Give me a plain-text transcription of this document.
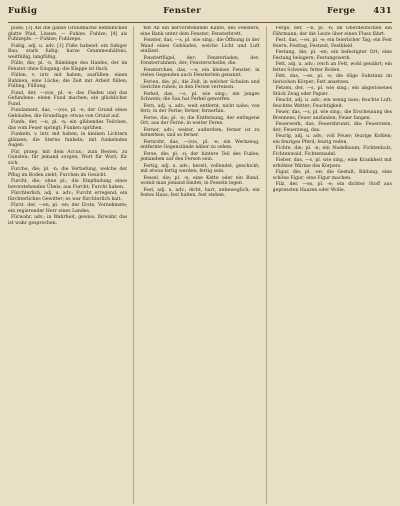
Fußig	Fenster	Ferge 431

pude; [3] Als die ganze Grundfläche befindlichen glatte Pfad, Linsen. — Fuhlze, Fuhlze; [4] als Fuhlzepfe. — Fuhlze; Fuhlzepe.

Fußig, adj. u. adv. [1] Füße habend: ein fußiger Bau; stark fußig; kurze Grammeuhältnis, weitfüßig, langfüßig.

Fülle, die; pl. -n, Rämlinge des Hanfes, der im Fenster ohne Eingang; die Klappe ist flach.

Füllen, v. intr. mit haben; ausfüllen: einen Rahmen, eine Lücke; die Zeit mit Arbeit füllen; Fülling, Füllung.

Fund, der, —(e)s, pl. -e; das Finden und das Gefundene: einen Fund machen; ein glücklicher Fund.

Fundament, das, —(e)s, pl. -e; der Grund eines Gebäudes; die Grundlage; etwas von Grund auf.

Funfe, der, —n, pl. -n; ein glühendes Teilchen, das vom Feuer springt; Funken sprühen.

Funkeln, v. intr. mit haben; in kleinen Lichtern glänzen; die Sterne funkeln; mit funkelnden Augen.

Für, praep. mit dem Accus.; zum Besten, zu Gunsten; für jemand sorgen; Wort für Wort; für sich.

Furche, die; pl. -n; die Vertiefung, welche der Pflug im Boden zieht; Furchen im Gesicht.

Furcht, die; ohne pl.; die Empfindung eines bevorstehenden Übels; aus Furcht; Furcht haben.

Fürchterlich, adj. u. adv.; Furcht erregend; ein fürchterliches Gewitter; es war fürchterlich kalt.

Fürst, der, —en, pl. -en; der Erste, Vornehmste; ein regierender Herr eines Landes.

Fürwahr, adv.; in Wahrheit, gewiss; fürwahr, das ist wahr gesprochen.

feit Ab ein hervorstehende Kante, des Fensters; eine Bank unter dem Fenster; Fensterbrett.

Fenster, das, —s, pl. wie sing.; die Öffnung in der Wand eines Gebäudes, welche Licht und Luft einlässt.

Fensterflügel, der; Fensterladen, der; Fensterrahmen, der; Fensterscheibe, die.

Fensterchen, das, —s; ein kleines Fenster; in vielen Gegenden auch Fensterlein genannt.

Ferien, die; pl.; die Zeit, in welcher Schulen und Gerichte ruhen; in den Ferien verreisen.

Ferkel, das, —s, pl. wie sing.; ein junges Schwein; die Sau hat Ferkel geworfen.

Fern, adj. u. adv.; weit entfernt, nicht nahe; von fern; in der Ferne; ferner, fernerhin.

Ferne, die; pl. -n; die Entfernung, der entlegene Ort; aus der Ferne; in weiter Ferne.

Ferner, adv.; weiter, außerdem; ferner ist zu bemerken; und so ferner.

Fernrohr, das, —(e)s, pl. -e; ein Werkzeug, entfernte Gegenstände näher zu sehen.

Ferse, die; pl. -n; der hintere Teil des Fußes; jemandem auf den Fersen sein.

Fertig, adj. u. adv.; bereit, vollendet, geschickt; mit etwas fertig werden; fertig sein.

Fessel, die; pl. -n; eine Kette oder ein Band, womit man jemand bindet; in Fesseln legen.

Fest, adj. u. adv.; dicht, hart, unbeweglich; ein festes Haus; fest halten, fest stehen.

Ferge, der, —n, pl. -n; im Oberdeutschen ein Fährmann; der die Leute über einen Fluss fährt.

Fest, das, —es, pl. -e; ein feierlicher Tag; ein Fest feiern; Festtag, Festzeit, Festkleid.

Festung, die; pl. -en; ein befestigter Ort; eine Festung belagern; Festungswerk.

Fett, adj. u. adv.; reich an Fett, wohl genährt; ein fettes Schwein; fetter Boden.

Fett, das, —es, pl. -e; die ölige Substanz im tierischen Körper; Fett ansetzen.

Fetzen, der, —s, pl. wie sing.; ein abgerissenes Stück Zeug oder Papier.

Feucht, adj. u. adv.; ein wenig nass; feuchte Luft; feuchtes Wetter; Feuchtigkeit.

Feuer, das, —s, pl. wie sing.; die Erscheinung des Brennens; Feuer anzünden; Feuer fangen.

Feuerwerk, das; Feuersbrunst, die; Feuerstein, der; Feuerzeug, das.

Feurig, adj. u. adv.; voll Feuer; feurige Kohlen; ein feuriges Pferd; feurig reden.

Fichte, die; pl. -n; ein Nadelbaum; Fichtenholz, Fichtenwald, Fichtennadel.

Fieber, das, —s, pl. wie sing.; eine Krankheit mit erhöhter Wärme des Körpers.

Figur, die; pl. -en; die Gestalt, Bildung; eine schöne Figur; eine Figur machen.

Filz, der, —es, pl. -e; ein dichter Stoff aus gepressten Haaren oder Wolle.
